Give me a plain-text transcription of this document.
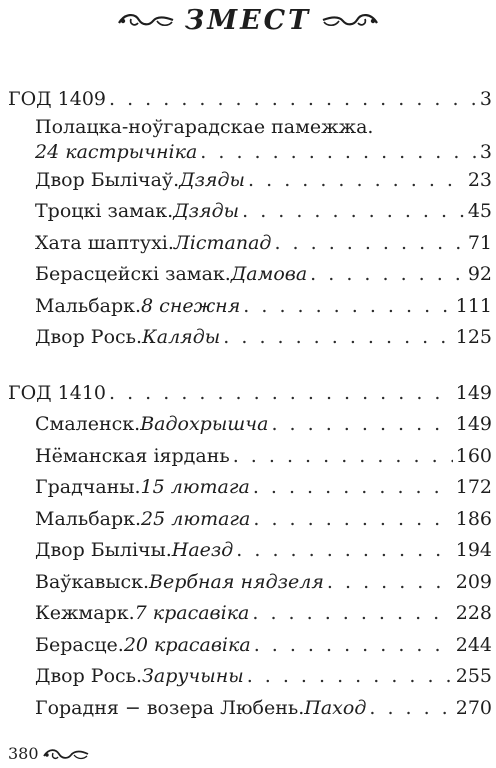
ЗМЕСТ
ГОД 1409 . . .	3
Полацка-ноўгарадскае памежжа.
24 кастрычніка . . .	3
Двор Былічаў. Дзяды . . .	23
Троцкі замак. Дзяды . . .	45
Хата шаптухі. Лістапад . . .	71
Берасцейскі замак. Дамова . . .	92
Мальбарк. 8 снежня . . .	111
Двор Рось. Каляды . . .	125
ГОД 1410 . . .	149
Смаленск. Вадохрышча . . .	149
Нёманская іярдань . . .	160
Градчаны. 15 лютага . . .	172
Мальбарк. 25 лютага . . .	186
Двор Былічы. Наезд . . .	194
Ваўкавыск. Вербная нядзеля . . .	209
Кежмарк. 7 красавіка . . .	228
Берасце. 20 красавіка . . .	244
Двор Рось. Заручыны . . .	255
Горадня − возера Любень. Паход . . .	270
380
